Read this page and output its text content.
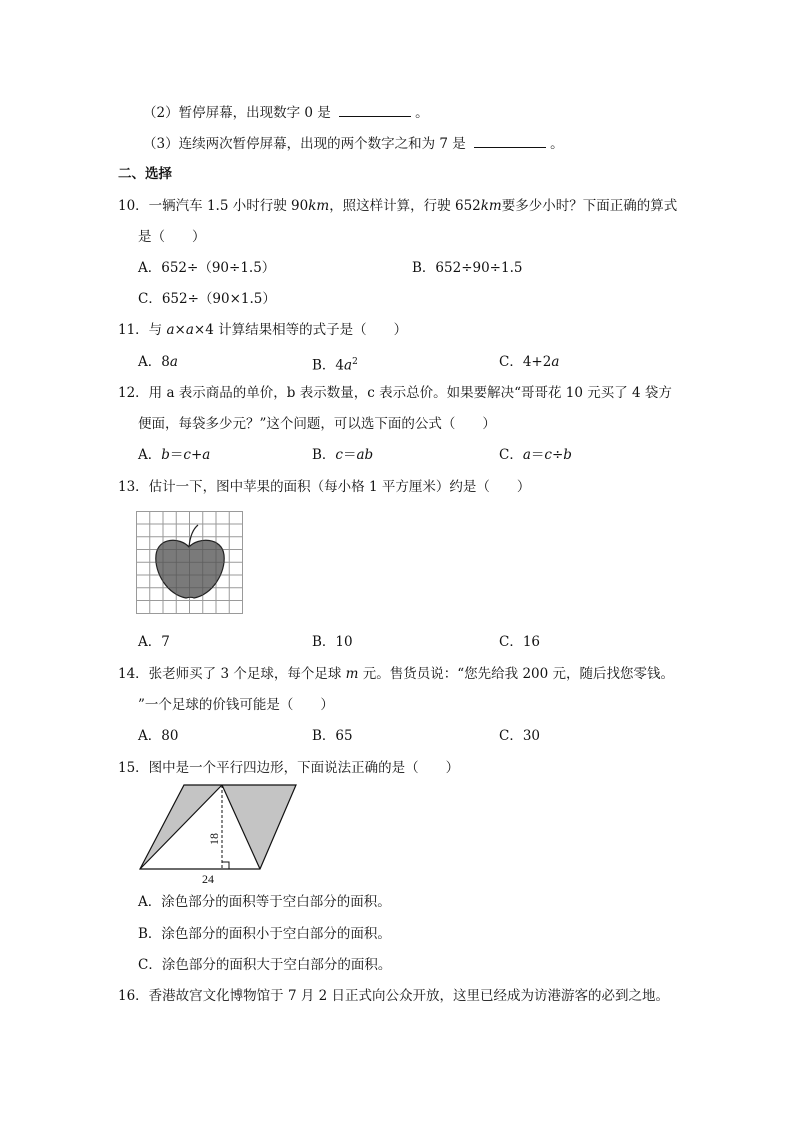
（2）暂停屏幕，出现数字 0 是	。
（3）连续两次暂停屏幕，出现的两个数字之和为 7 是	。
二、选择
10．一辆汽车 1.5 小时行驶 90km，照这样计算，行驶 652km要多少小时？下面正确的算式
是（　　）
A．652÷（90÷1.5）	B．652÷90÷1.5
C．652÷（90×1.5）
11．与 a×a×4 计算结果相等的式子是（　　）
A．8a	B．$4a^2$	C．4+2a
12．用 a 表示商品的单价，b 表示数量，c 表示总价。如果要解决“哥哥花 10 元买了 4 袋方
便面，每袋多少元？”这个问题，可以选下面的公式（　　）
A．b＝c+a	B．c＝ab	C．a＝c÷b
13．估计一下，图中苹果的面积（每小格 1 平方厘米）约是（　　）
A．7	B．10	C．16
14．张老师买了 3 个足球，每个足球 m 元。售货员说：“您先给我 200 元，随后找您零钱。
”一个足球的价钱可能是（　　）
A．80	B．65	C．30
15．图中是一个平行四边形，下面说法正确的是（　　）
18
24
A．涂色部分的面积等于空白部分的面积。
B．涂色部分的面积小于空白部分的面积。
C．涂色部分的面积大于空白部分的面积。
16．香港故宫文化博物馆于 7 月 2 日正式向公众开放，这里已经成为访港游客的必到之地。
